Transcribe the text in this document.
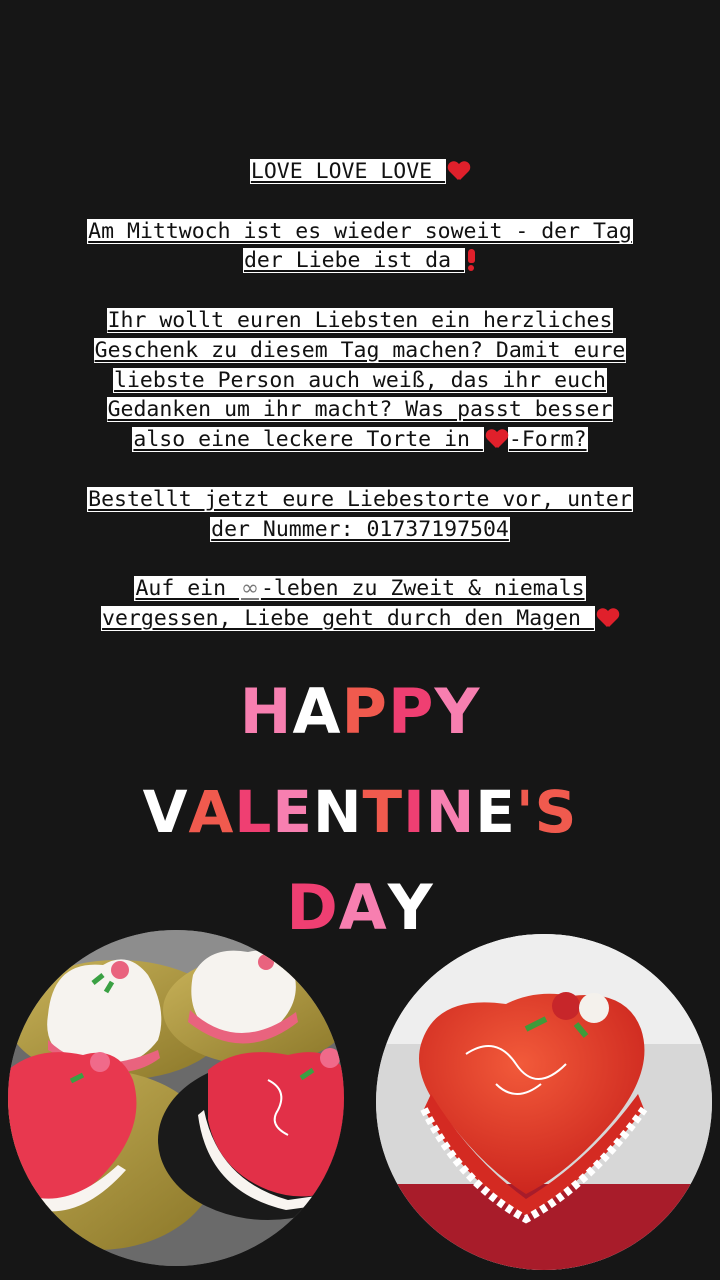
LOVE LOVE LOVE

Am Mittwoch ist es wieder soweit - der Tag
der Liebe ist da

Ihr wollt euren Liebsten ein herzliches
Geschenk zu diesem Tag machen? Damit eure
liebste Person auch weiß, das ihr euch
Gedanken um ihr macht? Was passt besser
also eine leckere Torte in -Form?

Bestellt jetzt eure Liebestorte vor, unter
der Nummer: 01737197504

Auf ein ∞-leben zu Zweit & niemals
vergessen, Liebe geht durch den Magen

HAPPY
VALENTINE'S
DAY
